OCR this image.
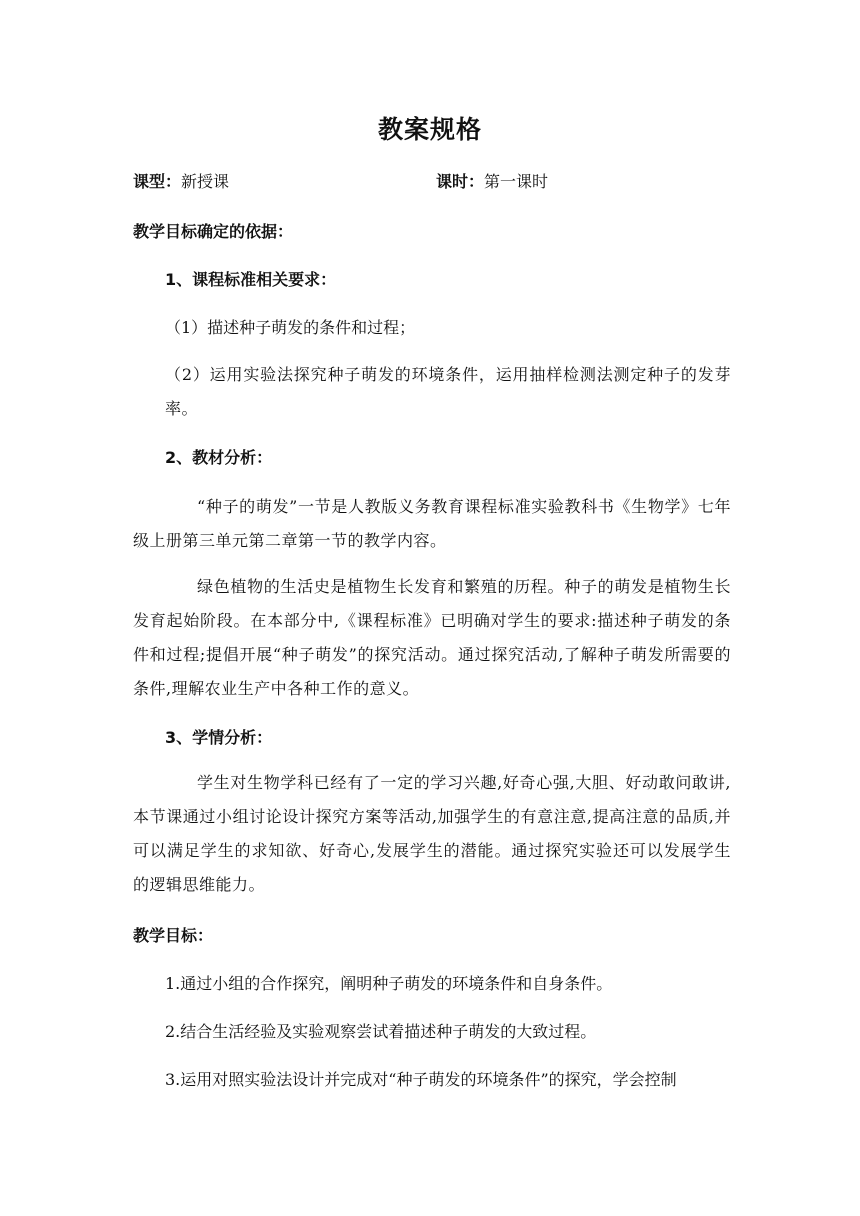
教案规格
课型：新授课	课时：第一课时
教学目标确定的依据：
1、课程标准相关要求：
（1）描述种子萌发的条件和过程；
（2）运用实验法探究种子萌发的环境条件，运用抽样检测法测定种子的发芽率。
2、教材分析：
“种子的萌发”一节是人教版义务教育课程标准实验教科书《生物学》七年级上册第三单元第二章第一节的教学内容。
绿色植物的生活史是植物生长发育和繁殖的历程。种子的萌发是植物生长发育起始阶段。在本部分中,《课程标准》已明确对学生的要求:描述种子萌发的条件和过程;提倡开展“种子萌发”的探究活动。通过探究活动,了解种子萌发所需要的条件,理解农业生产中各种工作的意义。
3、学情分析：
学生对生物学科已经有了一定的学习兴趣,好奇心强,大胆、好动敢问敢讲,本节课通过小组讨论设计探究方案等活动,加强学生的有意注意,提高注意的品质,并可以满足学生的求知欲、好奇心,发展学生的潜能。通过探究实验还可以发展学生的逻辑思维能力。
教学目标：
1.通过小组的合作探究，阐明种子萌发的环境条件和自身条件。
2.结合生活经验及实验观察尝试着描述种子萌发的大致过程。
3.运用对照实验法设计并完成对“种子萌发的环境条件”的探究，学会控制
